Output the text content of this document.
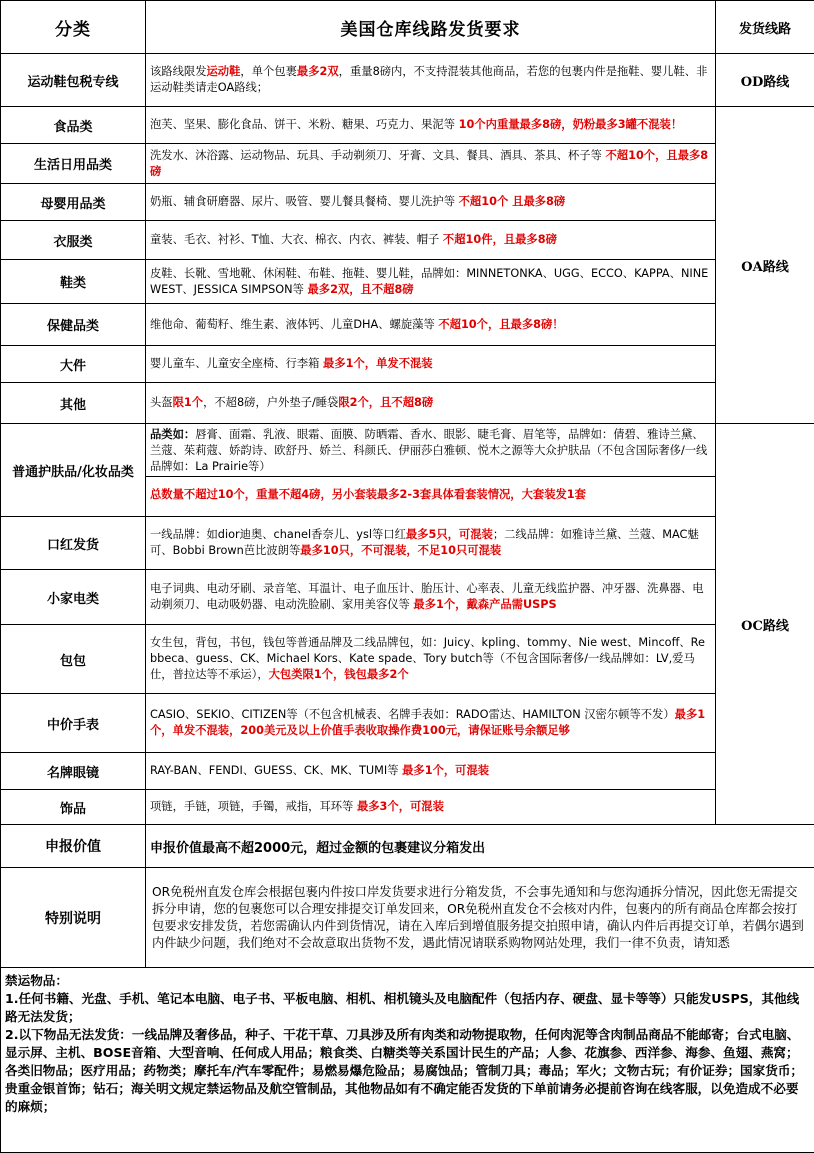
分类	美国仓库线路发货要求	发货线路
运动鞋包税专线	该路线限发运动鞋，单个包裹最多2双，重量8磅内，不支持混装其他商品，若您的包裹内件是拖鞋、婴儿鞋、非运动鞋类请走OA路线；	OD路线
食品类	泡芙、坚果、膨化食品、饼干、米粉、糖果、巧克力、果泥等 10个内重量最多8磅，奶粉最多3罐不混装！	OA路线
生活日用品类	洗发水、沐浴露、运动物品、玩具、手动剃须刀、牙膏、文具、餐具、酒具、茶具、杯子等 不超10个，且最多8磅	
母婴用品类	奶瓶、辅食研磨器、尿片、吸管、婴儿餐具餐椅、婴儿洗护等 不超10个 且最多8磅	
衣服类	童装、毛衣、衬衫、T恤、大衣、棉衣、内衣、裤装、帽子 不超10件，且最多8磅	
鞋类	皮鞋、长靴、雪地靴、休闲鞋、布鞋、拖鞋、婴儿鞋，品牌如：MINNETONKA、UGG、ECCO、KAPPA、NINEWEST、JESSICA SIMPSON等 最多2双，且不超8磅	
保健品类	维他命、葡萄籽、维生素、液体钙、儿童DHA、螺旋藻等 不超10个，且最多8磅！	
大件	婴儿童车、儿童安全座椅、行李箱 最多1个，单发不混装	
其他	头盔限1个，不超8磅，户外垫子/睡袋限2个，且不超8磅	
普通护肤品/化妆品类	品类如：唇膏、面霜、乳液、眼霜、面膜、防晒霜、香水、眼影、睫毛膏、眉笔等，品牌如：倩碧、雅诗兰黛、兰蔻、茱莉蔻、娇韵诗、欧舒丹、娇兰、科颜氏、伊丽莎白雅顿、悦木之源等大众护肤品（不包含国际奢侈/一线品牌如：La Prairie等）
总数量不超过10个，重量不超4磅，另小套装最多2-3套具体看套装情况，大套装发1套	OC路线
口红发货	一线品牌：如dior迪奥、chanel香奈儿、ysl等口红最多5只，可混装；二线品牌：如雅诗兰黛、兰蔻、MAC魅可、Bobbi Brown芭比波朗等最多10只，不可混装，不足10只可混装	
小家电类	电子词典、电动牙刷、录音笔、耳温计、电子血压计、胎压计、心率表、儿童无线监护器、冲牙器、洗鼻器、电动剃须刀、电动吸奶器、电动洗脸刷、家用美容仪等 最多1个，戴森产品需USPS	
包包	女生包，背包，书包，钱包等普通品牌及二线品牌包，如：Juicy、kpling、tommy、Nie west、Mincoff、Rebbeca、guess、CK、Michael Kors、Kate spade、Tory butch等（不包含国际奢侈/一线品牌如：LV,爱马仕，普拉达等不承运），大包类限1个，钱包最多2个	
中价手表	CASIO、SEKIO、CITIZEN等（不包含机械表、名牌手表如：RADO雷达、HAMILTON 汉密尔顿等不发）最多1个，单发不混装，200美元及以上价值手表收取操作费100元，请保证账号余额足够	
名牌眼镜	RAY-BAN、FENDI、GUESS、CK、MK、TUMI等 最多1个，可混装	
饰品	项链，手链，项链，手镯，戒指，耳环等 最多3个，可混装	
申报价值	申报价值最高不超2000元，超过金额的包裹建议分箱发出	
特别说明	OR免税州直发仓库会根据包裹内件按口岸发货要求进行分箱发货，不会事先通知和与您沟通拆分情况，因此您无需提交拆分申请，您的包裹您可以合理安排提交订单发回来，OR免税州直发仓不会核对内件，包裹内的所有商品仓库都会按打包要求安排发货，若您需确认内件到货情况，请在入库后到增值服务提交拍照申请，确认内件后再提交订单，若偶尔遇到内件缺少问题，我们绝对不会故意取出货物不发，遇此情况请联系购物网站处理，我们一律不负责，请知悉	

禁运物品：
1.任何书籍、光盘、手机、笔记本电脑、电子书、平板电脑、相机、相机镜头及电脑配件（包括内存、硬盘、显卡等等）只能发USPS，其他线路无法发货；
2.以下物品无法发货：一线品牌及奢侈品，种子、干花干草、刀具涉及所有肉类和动物提取物，任何肉泥等含肉制品商品不能邮寄；台式电脑、显示屏、主机、BOSE音箱、大型音响、任何成人用品；粮食类、白糖类等关系国计民生的产品；人参、花旗参、西洋参、海参、鱼翅、燕窝；各类旧物品；医疗用品；药物类；摩托车/汽车零配件；易燃易爆危险品；易腐蚀品；管制刀具；毒品；军火；文物古玩；有价证券；国家货币；贵重金银首饰；钻石；海关明文规定禁运物品及航空管制品，其他物品如有不确定能否发货的下单前请务必提前咨询在线客服，以免造成不必要的麻烦；		
